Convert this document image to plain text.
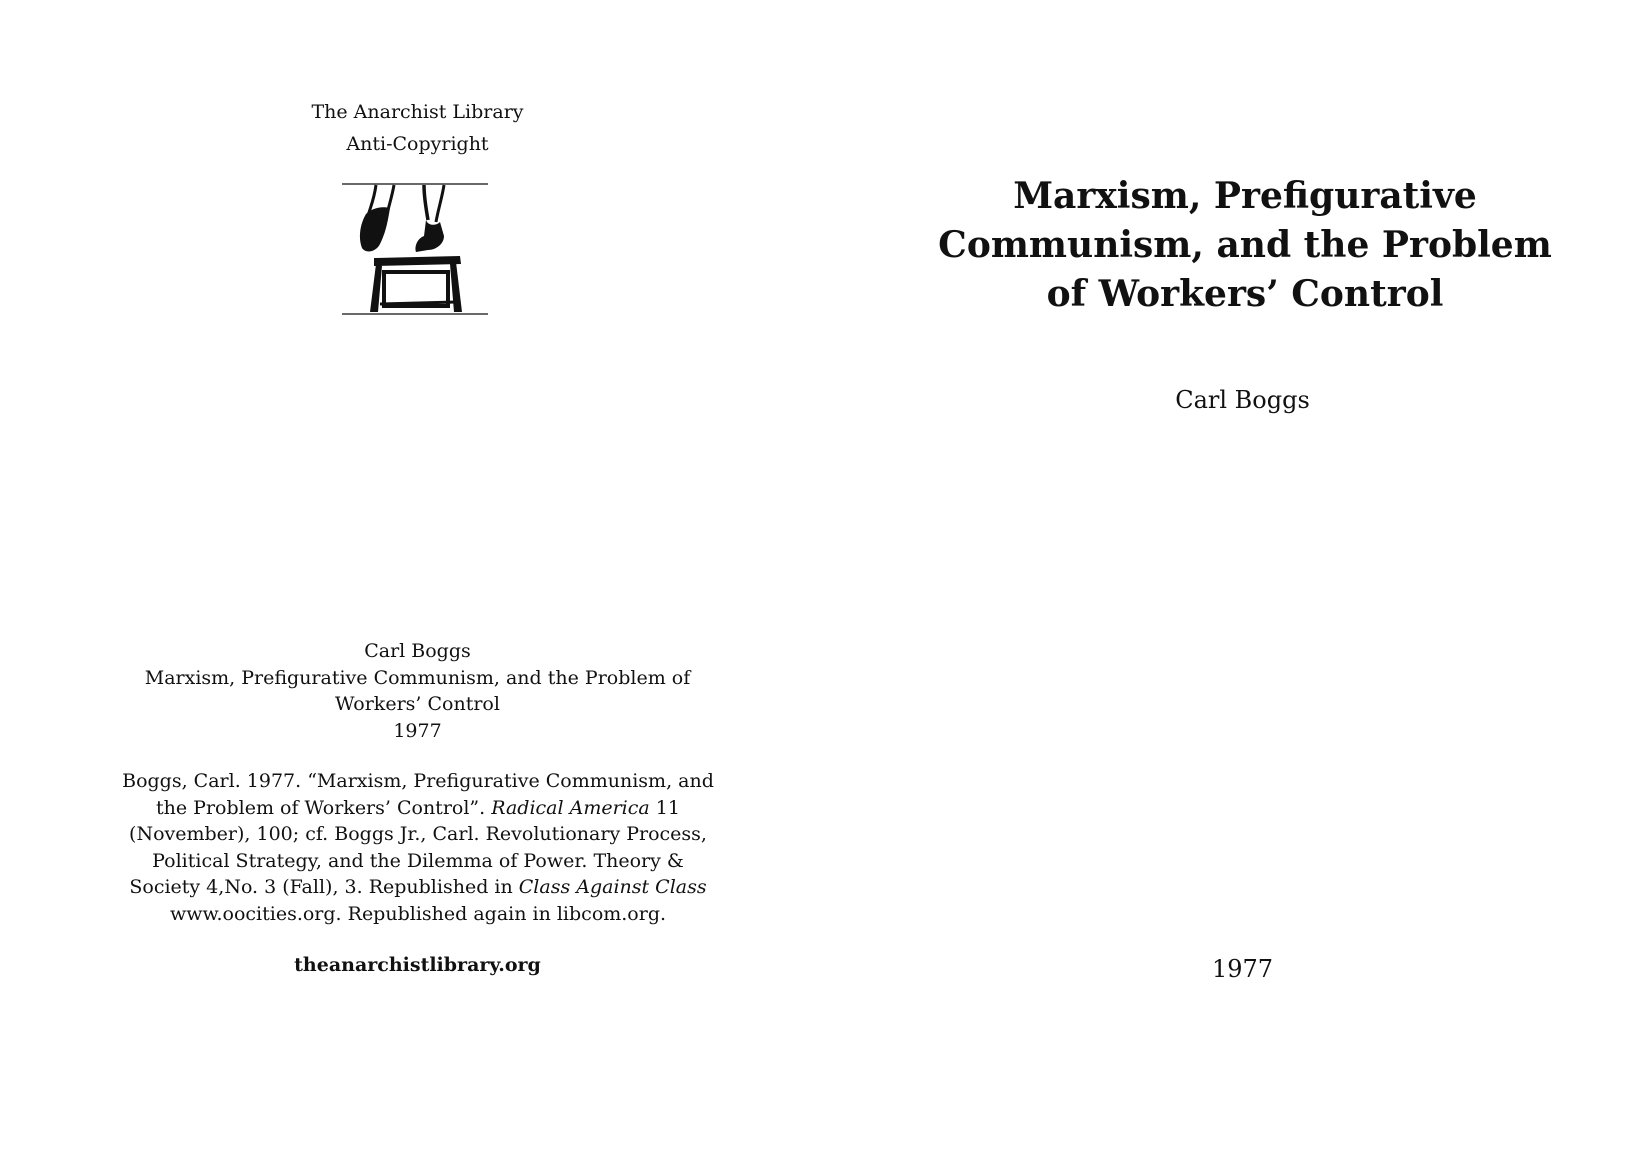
The Anarchist Library
Anti-Copyright
Carl Boggs
Marxism, Prefigurative Communism, and the Problem of
Workers’ Control
1977
Boggs, Carl. 1977. “Marxism, Prefigurative Communism, and the Problem of Workers’ Control”. Radical America 11 (November), 100; cf. Boggs Jr., Carl. Revolutionary Process, Political Strategy, and the Dilemma of Power. Theory & Society 4,No. 3 (Fall), 3. Republished in Class Against Class www.oocities.org. Republished again in libcom.org.
theanarchistlibrary.org
Marxism, Prefigurative
Communism, and the Problem
of Workers’ Control
Carl Boggs
1977
